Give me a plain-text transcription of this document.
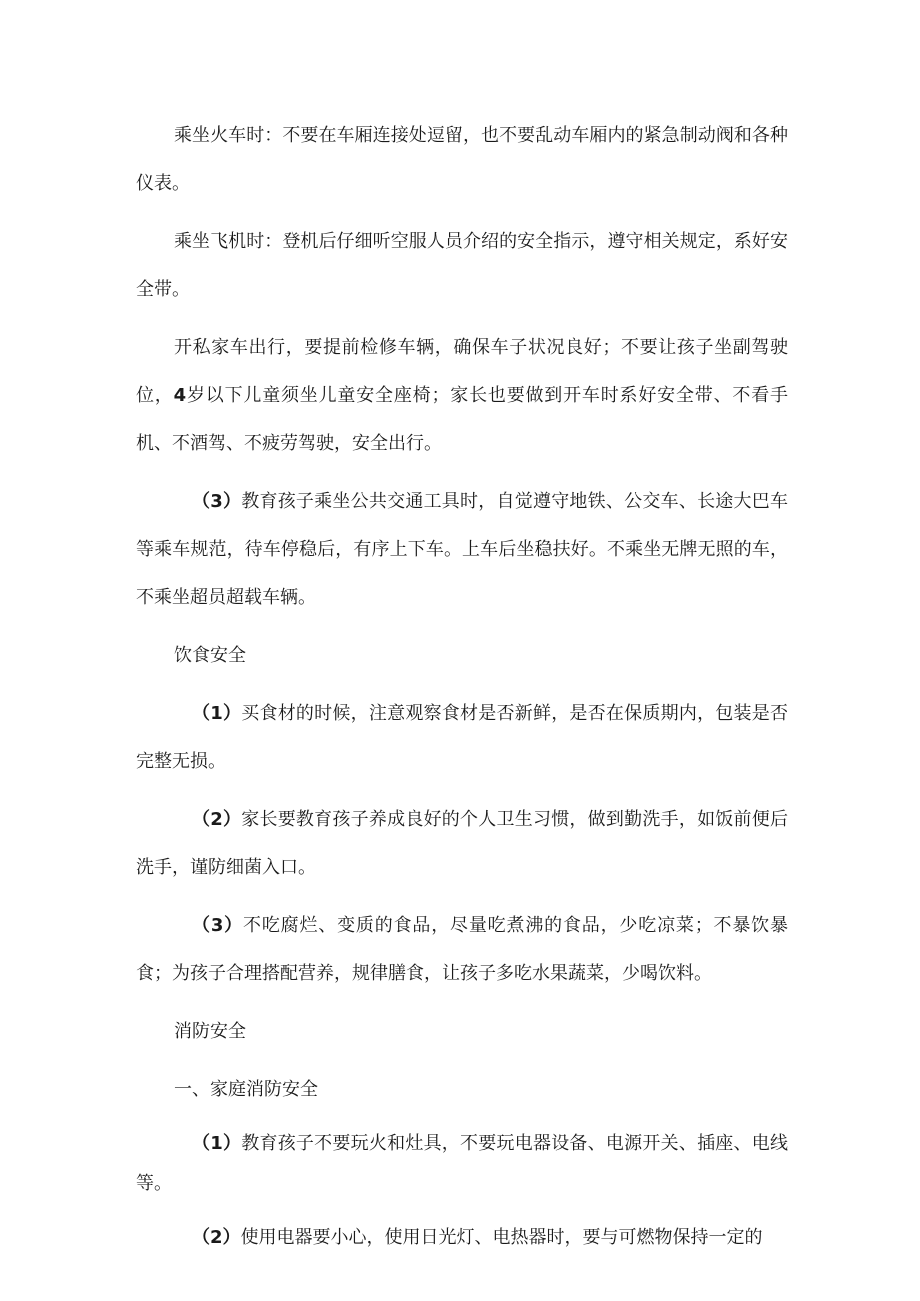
乘坐火车时：不要在车厢连接处逗留，也不要乱动车厢内的紧急制动阀和各种仪表。

乘坐飞机时：登机后仔细听空服人员介绍的安全指示，遵守相关规定，系好安全带。

开私家车出行，要提前检修车辆，确保车子状况良好；不要让孩子坐副驾驶位，4岁以下儿童须坐儿童安全座椅；家长也要做到开车时系好安全带、不看手机、不酒驾、不疲劳驾驶，安全出行。

（3）教育孩子乘坐公共交通工具时，自觉遵守地铁、公交车、长途大巴车等乘车规范，待车停稳后，有序上下车。上车后坐稳扶好。不乘坐无牌无照的车，不乘坐超员超载车辆。

饮食安全

（1）买食材的时候，注意观察食材是否新鲜，是否在保质期内，包装是否完整无损。

（2）家长要教育孩子养成良好的个人卫生习惯，做到勤洗手，如饭前便后洗手，谨防细菌入口。

（3）不吃腐烂、变质的食品，尽量吃煮沸的食品，少吃凉菜；不暴饮暴食；为孩子合理搭配营养，规律膳食，让孩子多吃水果蔬菜，少喝饮料。

消防安全

一、家庭消防安全

（1）教育孩子不要玩火和灶具，不要玩电器设备、电源开关、插座、电线等。

（2）使用电器要小心，使用日光灯、电热器时，要与可燃物保持一定的
